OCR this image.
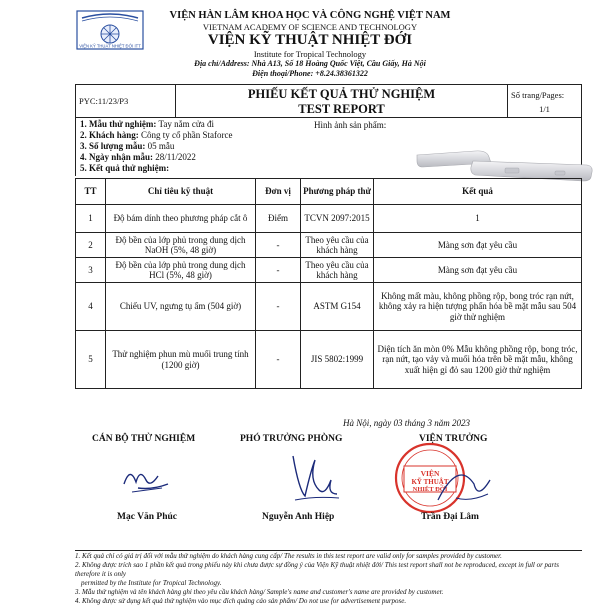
VIỆN KỸ THUẬT NHIỆT ĐỚI ITT
VIỆN HÀN LÂM KHOA HỌC VÀ CÔNG NGHỆ VIỆT NAM
VIETNAM ACADEMY OF SCIENCE AND TECHNOLOGY
VIỆN KỸ THUẬT NHIỆT ĐỚI
Institute for Tropical Technology
Địa chỉ/Address: Nhà A13, Số 18 Hoàng Quốc Việt, Cầu Giấy, Hà Nội
Điện thoại/Phone: +8.24.38361322
PYC:11/23/P3	PHIẾU KẾT QUẢ THỬ NGHIỆM
TEST REPORT
Số trang/Pages:
1/1
1. Mẫu thử nghiệm: Tay nắm cửa đi
2. Khách hàng: Công ty cổ phần Staforce
3. Số lượng mẫu: 05 mẫu
4. Ngày nhận mẫu: 28/11/2022
5. Kết quả thử nghiệm:
Hình ảnh sản phẩm:
TT	Chỉ tiêu kỹ thuật	Đơn vị	Phương pháp thử	Kết quả
1	Độ bám dính theo phương pháp cắt ô	Điểm	TCVN 2097:2015	1
2	Độ bền của lớp phủ trong dung dịch NaOH (5%, 48 giờ)	-	Theo yêu cầu của khách hàng	Màng sơn đạt yêu cầu
3	Độ bền của lớp phủ trong dung dịch HCl (5%, 48 giờ)	-	Theo yêu cầu của khách hàng	Màng sơn đạt yêu cầu
4	Chiếu UV, ngưng tụ ẩm (504 giờ)	-	ASTM G154	Không mất màu, không phồng rộp, bong tróc rạn nứt, không xảy ra hiện tượng phấn hóa bề mặt mẫu sau 504 giờ thử nghiệm
5	Thử nghiệm phun mù muối trung tính (1200 giờ)	-	JIS 5802:1999	Diện tích ăn mòn 0% Mẫu không phồng rộp, bong tróc, rạn nứt, tạo vảy và muối hóa trên bề mặt mẫu, không xuất hiện gỉ đỏ sau 1200 giờ thử nghiệm
Hà Nội, ngày 03 tháng 3 năm 2023
CÁN BỘ THỬ NGHIỆM	PHÓ TRƯỞNG PHÒNG	VIỆN TRƯỞNG
VIỆN
KỸ THUẬT
NHIỆT ĐỚI
Mạc Văn Phúc	Nguyễn Anh Hiệp	Trần Đại Lâm
1. Kết quả chỉ có giá trị đối với mẫu thử nghiệm do khách hàng cung cấp/ The results in this test report are valid only for samples provided by customer.
2. Không được trích sao 1 phần kết quả trong phiếu này khi chưa được sự đồng ý của Viện Kỹ thuật nhiệt đới/ This test report shall not be reproduced, except in full or parts therefore it is only
permitted by the Institute for Tropical Technology.
3. Mẫu thử nghiệm và tên khách hàng ghi theo yêu cầu khách hàng/ Sample's name and customer's name are provided by customer.
4. Không được sử dụng kết quả thử nghiệm vào mục đích quảng cáo sản phẩm/ Do not use for advertisement purpose.
